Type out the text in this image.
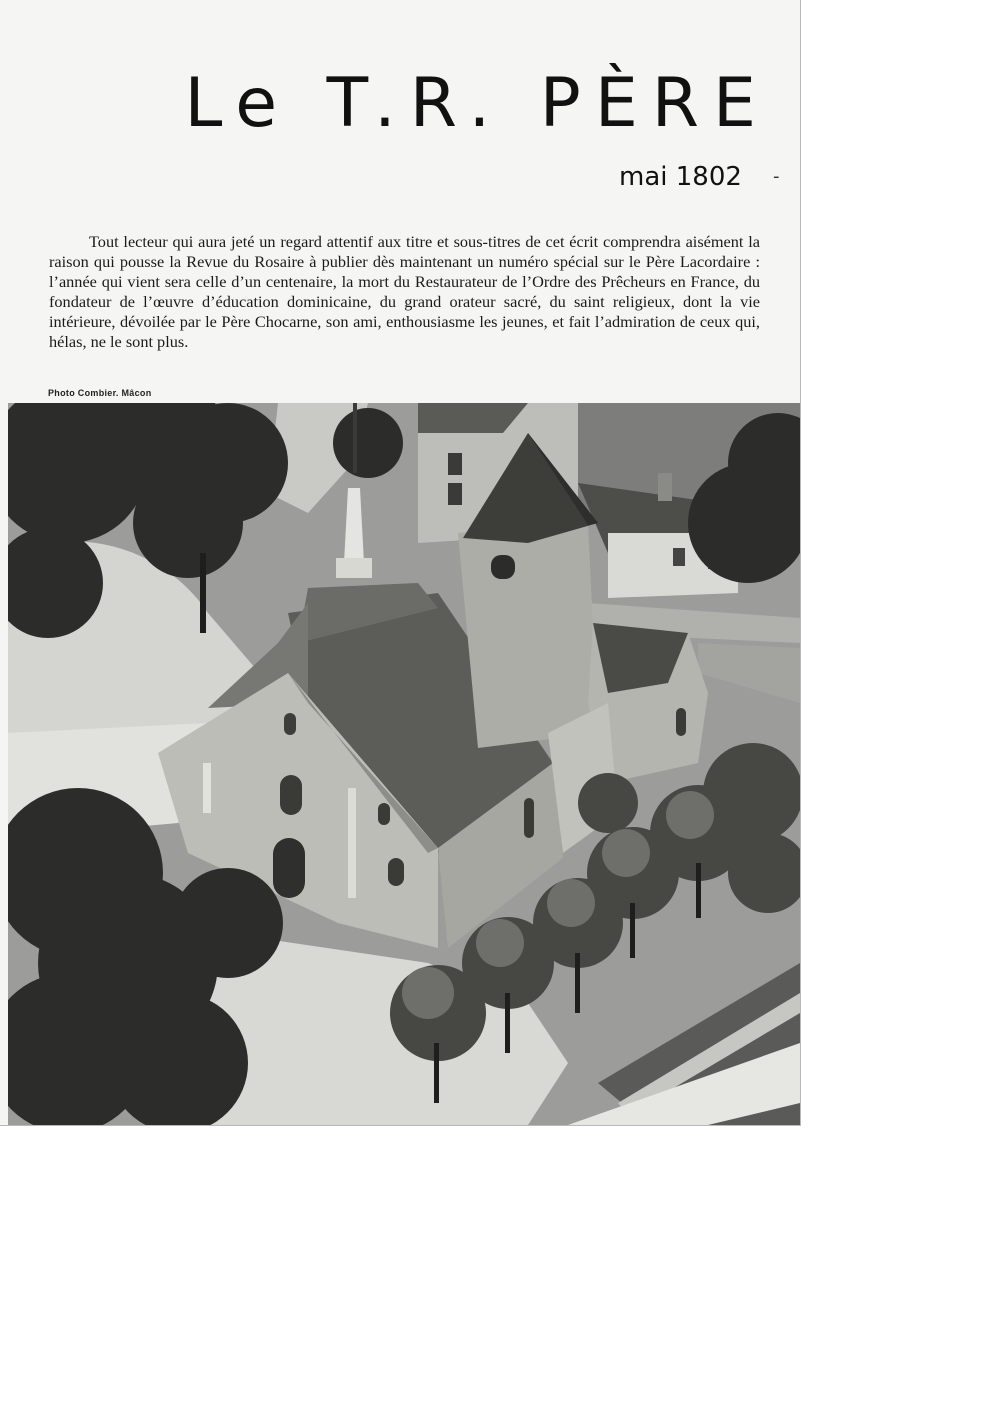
Le T.R. PÈRE
mai 1802 -

Tout lecteur qui aura jeté un regard attentif aux titre et sous-titres de cet écrit comprendra aisément la raison qui pousse la Revue du Rosaire à publier dès maintenant un numéro spécial sur le Père Lacordaire : l’année qui vient sera celle d’un centenaire, la mort du Restaurateur de l’Ordre des Prêcheurs en France, du fondateur de l’œuvre d’éducation dominicaine, du grand orateur sacré, du saint religieux, dont la vie intérieure, dévoilée par le Père Chocarne, son ami, enthousiasme les jeunes, et fait l’admiration de ceux qui, hélas, ne le sont plus.

Photo Combier. Mâcon
